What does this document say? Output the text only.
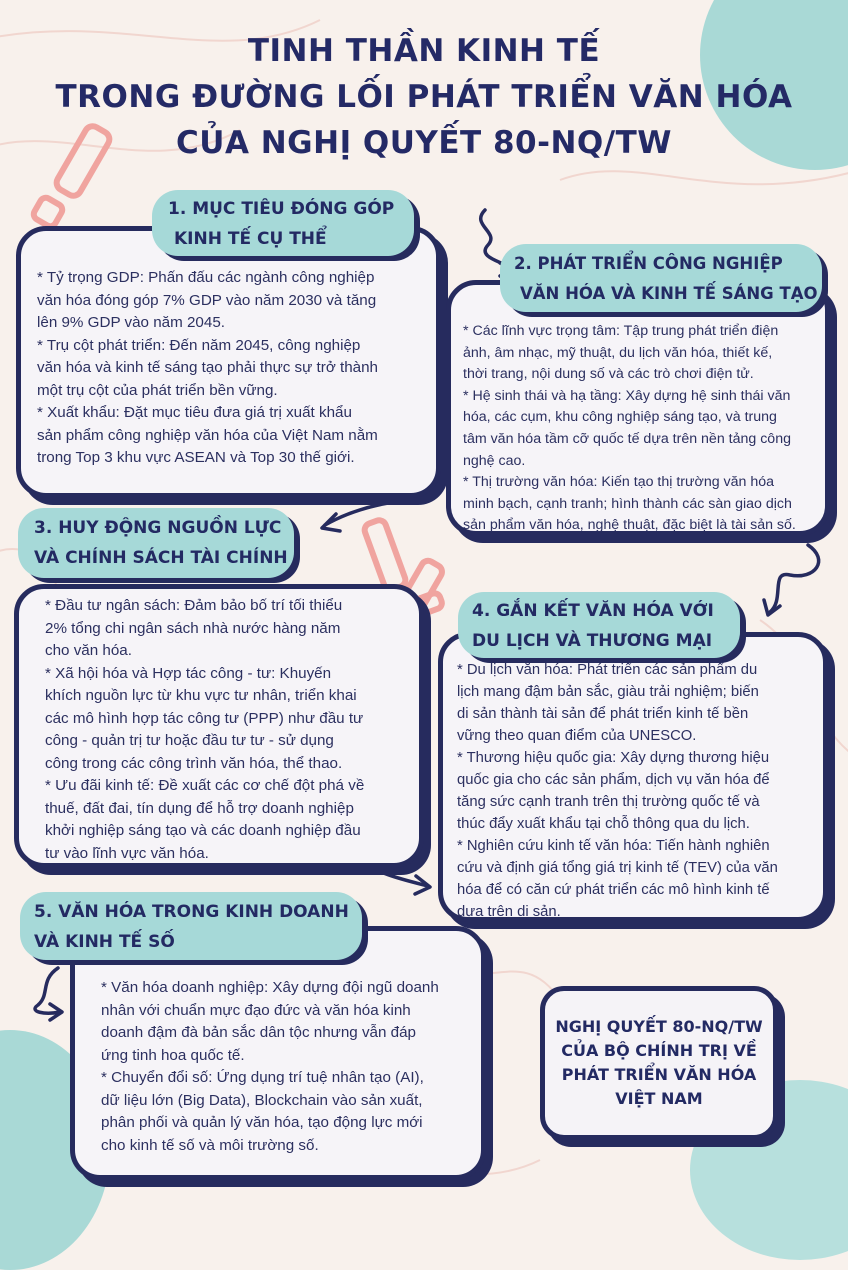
TINH THẦN KINH TẾ
TRONG ĐƯỜNG LỐI PHÁT TRIỂN VĂN HÓA
CỦA NGHỊ QUYẾT 80-NQ/TW

* Tỷ trọng GDP: Phấn đấu các ngành công nghiệp

văn hóa đóng góp 7% GDP vào năm 2030 và tăng

lên 9% GDP vào năm 2045.

* Trụ cột phát triển: Đến năm 2045, công nghiệp

văn hóa và kinh tế sáng tạo phải thực sự trở thành

một trụ cột của phát triển bền vững.

* Xuất khẩu: Đặt mục tiêu đưa giá trị xuất khẩu

sản phẩm công nghiệp văn hóa của Việt Nam nằm

trong Top 3 khu vực ASEAN và Top 30 thế giới.

1. MỤC TIÊU ĐÓNG GÓP
KINH TẾ CỤ THỂ

* Các lĩnh vực trọng tâm: Tập trung phát triển điện

ảnh, âm nhạc, mỹ thuật, du lịch văn hóa, thiết kế,

thời trang, nội dung số và các trò chơi điện tử.

* Hệ sinh thái và hạ tầng: Xây dựng hệ sinh thái văn

hóa, các cụm, khu công nghiệp sáng tạo, và trung

tâm văn hóa tầm cỡ quốc tế dựa trên nền tảng công

nghệ cao.

* Thị trường văn hóa: Kiến tạo thị trường văn hóa

minh bạch, cạnh tranh; hình thành các sàn giao dịch

sản phẩm văn hóa, nghệ thuật, đặc biệt là tài sản số.

2. PHÁT TRIỂN CÔNG NGHIỆP
VĂN HÓA VÀ KINH TẾ SÁNG TẠO

* Đầu tư ngân sách: Đảm bảo bố trí tối thiểu

2% tổng chi ngân sách nhà nước hàng năm

cho văn hóa.

* Xã hội hóa và Hợp tác công - tư: Khuyến

khích nguồn lực từ khu vực tư nhân, triển khai

các mô hình hợp tác công tư (PPP) như đầu tư

công - quản trị tư hoặc đầu tư tư - sử dụng

công trong các công trình văn hóa, thể thao.

* Ưu đãi kinh tế: Đề xuất các cơ chế đột phá về

thuế, đất đai, tín dụng để hỗ trợ doanh nghiệp

khởi nghiệp sáng tạo và các doanh nghiệp đầu

tư vào lĩnh vực văn hóa.

3. HUY ĐỘNG NGUỒN LỰC
VÀ CHÍNH SÁCH TÀI CHÍNH

* Du lịch văn hóa: Phát triển các sản phẩm du

lịch mang đậm bản sắc, giàu trải nghiệm; biến

di sản thành tài sản để phát triển kinh tế bền

vững theo quan điểm của UNESCO.

* Thương hiệu quốc gia: Xây dựng thương hiệu

quốc gia cho các sản phẩm, dịch vụ văn hóa để

tăng sức cạnh tranh trên thị trường quốc tế và

thúc đẩy xuất khẩu tại chỗ thông qua du lịch.

* Nghiên cứu kinh tế văn hóa: Tiến hành nghiên

cứu và định giá tổng giá trị kinh tế (TEV) của văn

hóa để có căn cứ phát triển các mô hình kinh tế

dựa trên di sản.

4. GẮN KẾT VĂN HÓA VỚI
DU LỊCH VÀ THƯƠNG MẠI

* Văn hóa doanh nghiệp: Xây dựng đội ngũ doanh

nhân với chuẩn mực đạo đức và văn hóa kinh

doanh đậm đà bản sắc dân tộc nhưng vẫn đáp

ứng tinh hoa quốc tế.

* Chuyển đổi số: Ứng dụng trí tuệ nhân tạo (AI),

dữ liệu lớn (Big Data), Blockchain vào sản xuất,

phân phối và quản lý văn hóa, tạo động lực mới

cho kinh tế số và môi trường số.

5. VĂN HÓA TRONG KINH DOANH
VÀ KINH TẾ SỐ
NGHỊ QUYẾT 80-NQ/TW
CỦA BỘ CHÍNH TRỊ VỀ
PHÁT TRIỂN VĂN HÓA
VIỆT NAM
